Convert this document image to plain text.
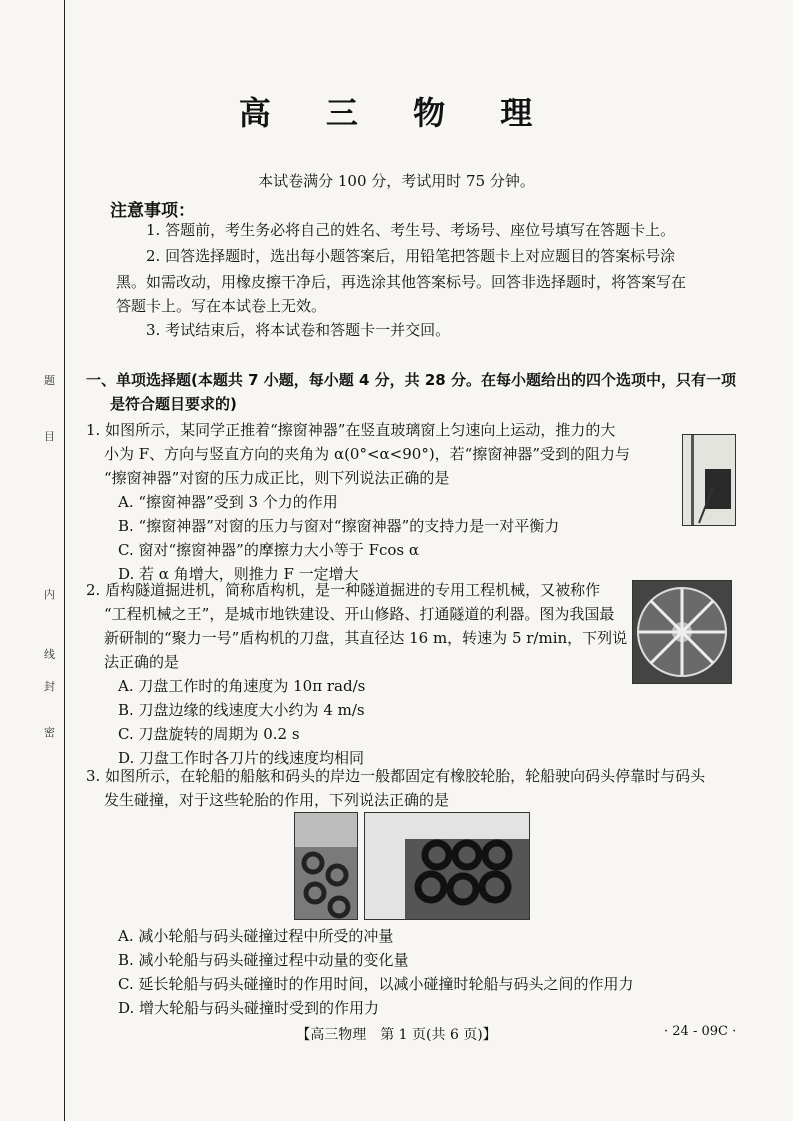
题
目
内
线
封
密
高 三 物 理
本试卷满分 100 分，考试用时 75 分钟。
注意事项：
1. 答题前，考生务必将自己的姓名、考生号、考场号、座位号填写在答题卡上。
2. 回答选择题时，选出每小题答案后，用铅笔把答题卡上对应题目的答案标号涂
黑。如需改动，用橡皮擦干净后，再选涂其他答案标号。回答非选择题时，将答案写在
答题卡上。写在本试卷上无效。
3. 考试结束后，将本试卷和答题卡一并交回。
一、单项选择题(本题共 7 小题，每小题 4 分，共 28 分。在每小题给出的四个选项中，只有一项
是符合题目要求的)
1. 如图所示，某同学正推着“擦窗神器”在竖直玻璃窗上匀速向上运动，推力的大
小为 F、方向与竖直方向的夹角为 α(0°<α<90°)，若“擦窗神器”受到的阻力与
“擦窗神器”对窗的压力成正比，则下列说法正确的是
A. “擦窗神器”受到 3 个力的作用
B. “擦窗神器”对窗的压力与窗对“擦窗神器”的支持力是一对平衡力
C. 窗对“擦窗神器”的摩擦力大小等于 Fcos α
D. 若 α 角增大，则推力 F 一定增大
2. 盾构隧道掘进机，简称盾构机，是一种隧道掘进的专用工程机械，又被称作
“工程机械之王”，是城市地铁建设、开山修路、打通隧道的利器。图为我国最
新研制的“聚力一号”盾构机的刀盘，其直径达 16 m，转速为 5 r/min，下列说
法正确的是
A. 刀盘工作时的角速度为 10π rad/s
B. 刀盘边缘的线速度大小约为 4 m/s
C. 刀盘旋转的周期为 0.2 s
D. 刀盘工作时各刀片的线速度均相同
3. 如图所示，在轮船的船舷和码头的岸边一般都固定有橡胶轮胎，轮船驶向码头停靠时与码头
发生碰撞，对于这些轮胎的作用，下列说法正确的是
A. 减小轮船与码头碰撞过程中所受的冲量
B. 减小轮船与码头碰撞过程中动量的变化量
C. 延长轮船与码头碰撞时的作用时间，以减小碰撞时轮船与码头之间的作用力
D. 增大轮船与码头碰撞时受到的作用力
【高三物理　第 1 页(共 6 页)】	· 24 - 09C ·
